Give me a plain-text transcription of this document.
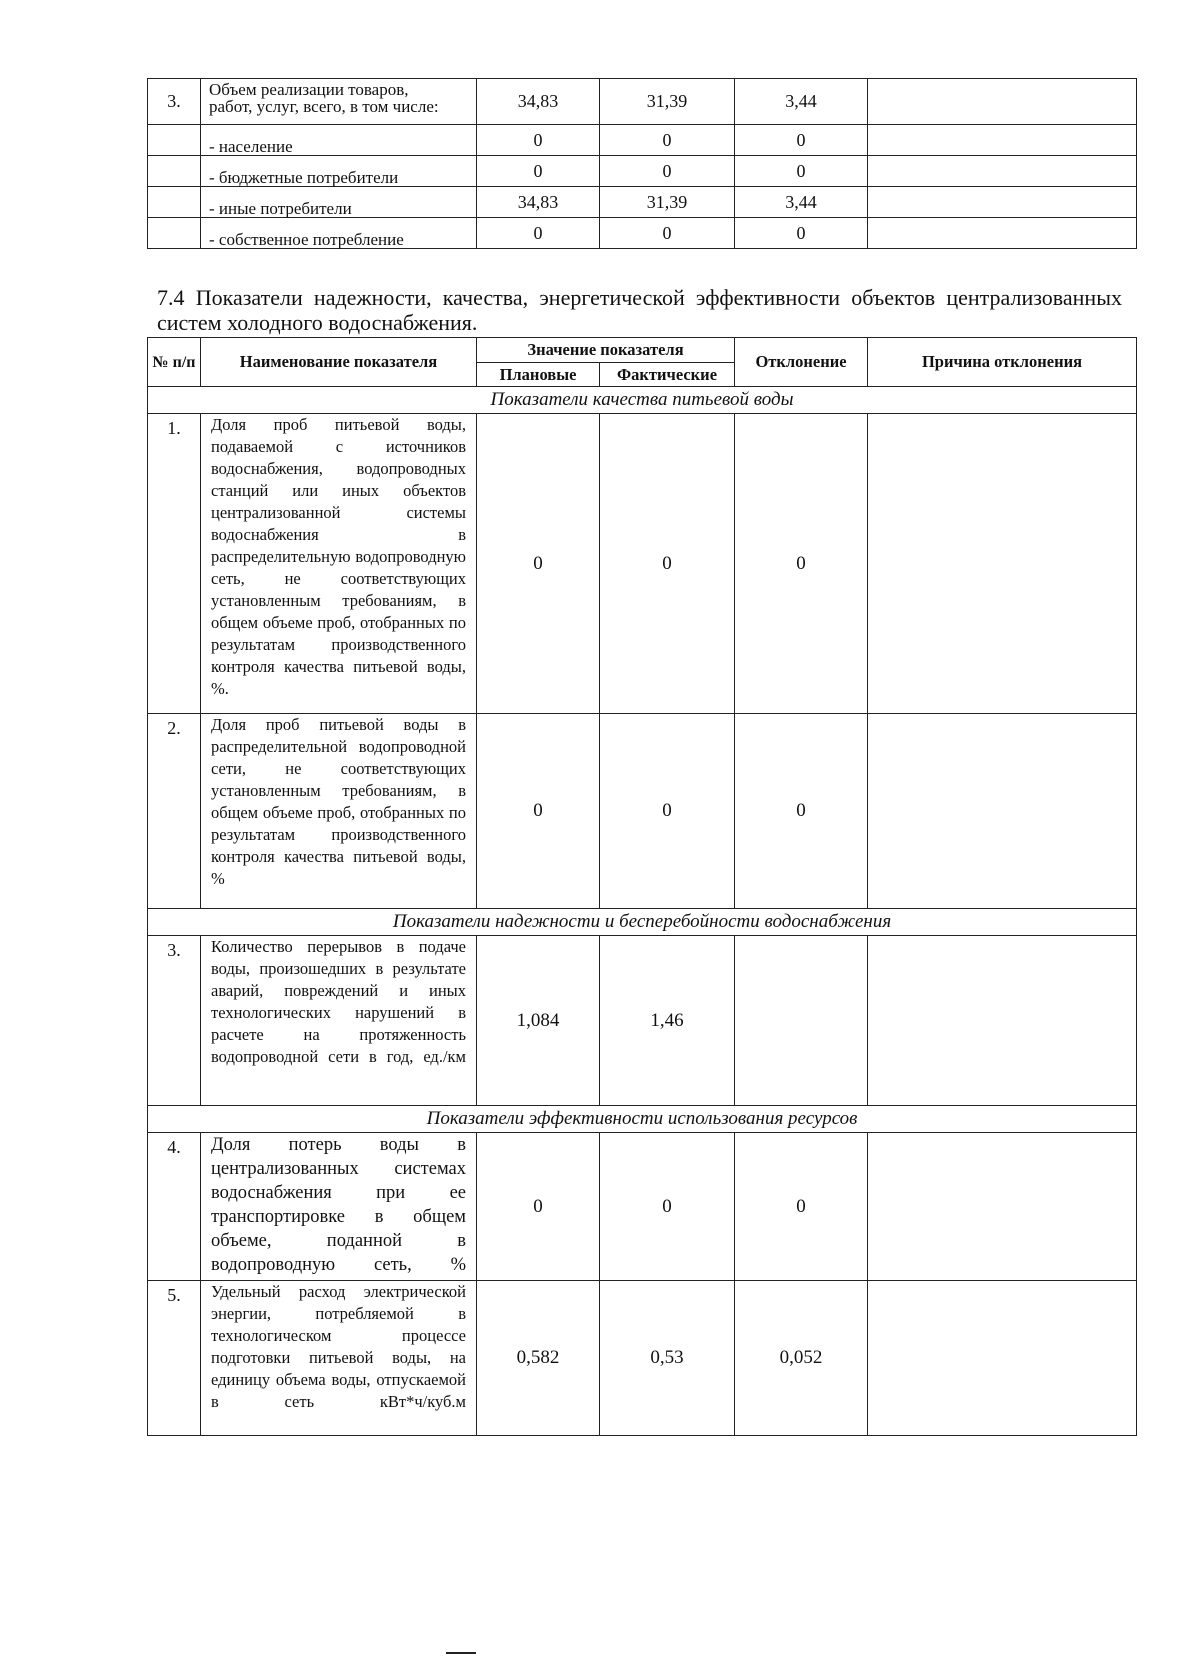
3.	Объем реализации товаров,
работ, услуг, всего, в том числе:	34,83	31,39	3,44	
	- население	0	0	0	
	- бюджетные потребители	0	0	0	
	- иные потребители	34,83	31,39	3,44	
	- собственное потребление	0	0	0	
7.4 Показатели надежности, качества, энергетической эффективности объектов централизованных систем холодного водоснабжения.
№ п/п	Наименование показателя	Значение показателя		Отклонение	Причина отклонения
		Плановые	Фактические		
Показатели качества питьевой воды					
1.	Доля проб питьевой воды, подаваемой с источников водоснабжения, водопроводных станций или иных объектов централизованной системы водоснабжения в распределительную водопроводную сеть, не соответствующих установленным требованиям, в общем объеме проб, отобранных по результатам производственного контроля качества питьевой воды, %.	0	0	0	
2.	Доля проб питьевой воды в распределительной водопроводной сети, не соответствующих установленным требованиям, в общем объеме проб, отобранных по результатам производственного контроля качества питьевой воды, %	0	0	0	
Показатели надежности и бесперебойности водоснабжения					
3.	Количество перерывов в подаче воды, произошедших в результате аварий, повреждений и иных технологических нарушений в расчете на протяженность водопроводной сети в год, ед./км	1,084	1,46		
Показатели эффективности использования ресурсов					
4.	Доля потерь воды в централизованных системах водоснабжения при ее транспортировке в общем объеме, поданной в водопроводную сеть, %	0	0	0	
5.	Удельный расход электрической энергии, потребляемой в технологическом процессе подготовки питьевой воды, на единицу объема воды, отпускаемой в сеть кВт*ч/куб.м	0,582	0,53	0,052	
